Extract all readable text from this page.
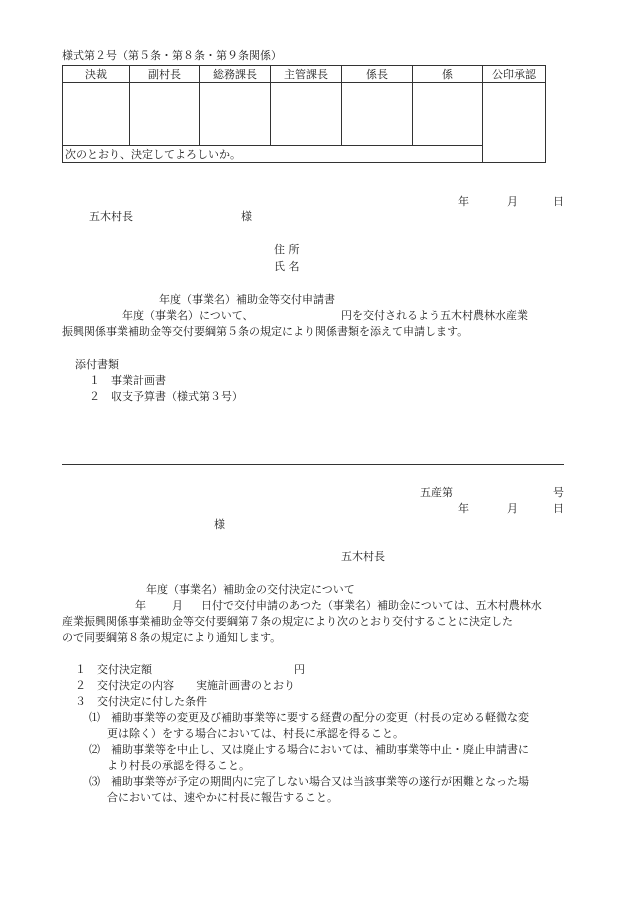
様式第２号（第５条・第８条・第９条関係）
決裁	副村長	総務課長	主管課長	係長	係	公印承認

次のとおり、決定してよろしいか。						
年	月	日
五木村長	様
住 所
氏 名
年度（事業名）補助金等交付申請書
年度（事業名）について、	円を交付されるよう五木村農林水産業
振興関係事業補助金等交付要綱第５条の規定により関係書類を添えて申請します。
添付書類
１　事業計画書
２　収支予算書（様式第３号）
五産第	号
年	月	日
様
五木村長
年度（事業名）補助金の交付決定について
年 月 日付で交付申請のあつた（事業名）補助金については、五木村農林水
産業振興関係事業補助金等交付要綱第７条の規定により次のとおり交付することに決定した
ので同要綱第８条の規定により通知します。
１　交付決定額	円
２　交付決定の内容　　実施計画書のとおり
３　交付決定に付した条件
⑴　補助事業等の変更及び補助事業等に要する経費の配分の変更（村長の定める軽微な変
更は除く）をする場合においては、村長に承認を得ること。
⑵　補助事業等を中止し、又は廃止する場合においては、補助事業等中止・廃止申請書に
より村長の承認を得ること。
⑶　補助事業等が予定の期間内に完了しない場合又は当該事業等の遂行が困難となった場
合においては、速やかに村長に報告すること。
